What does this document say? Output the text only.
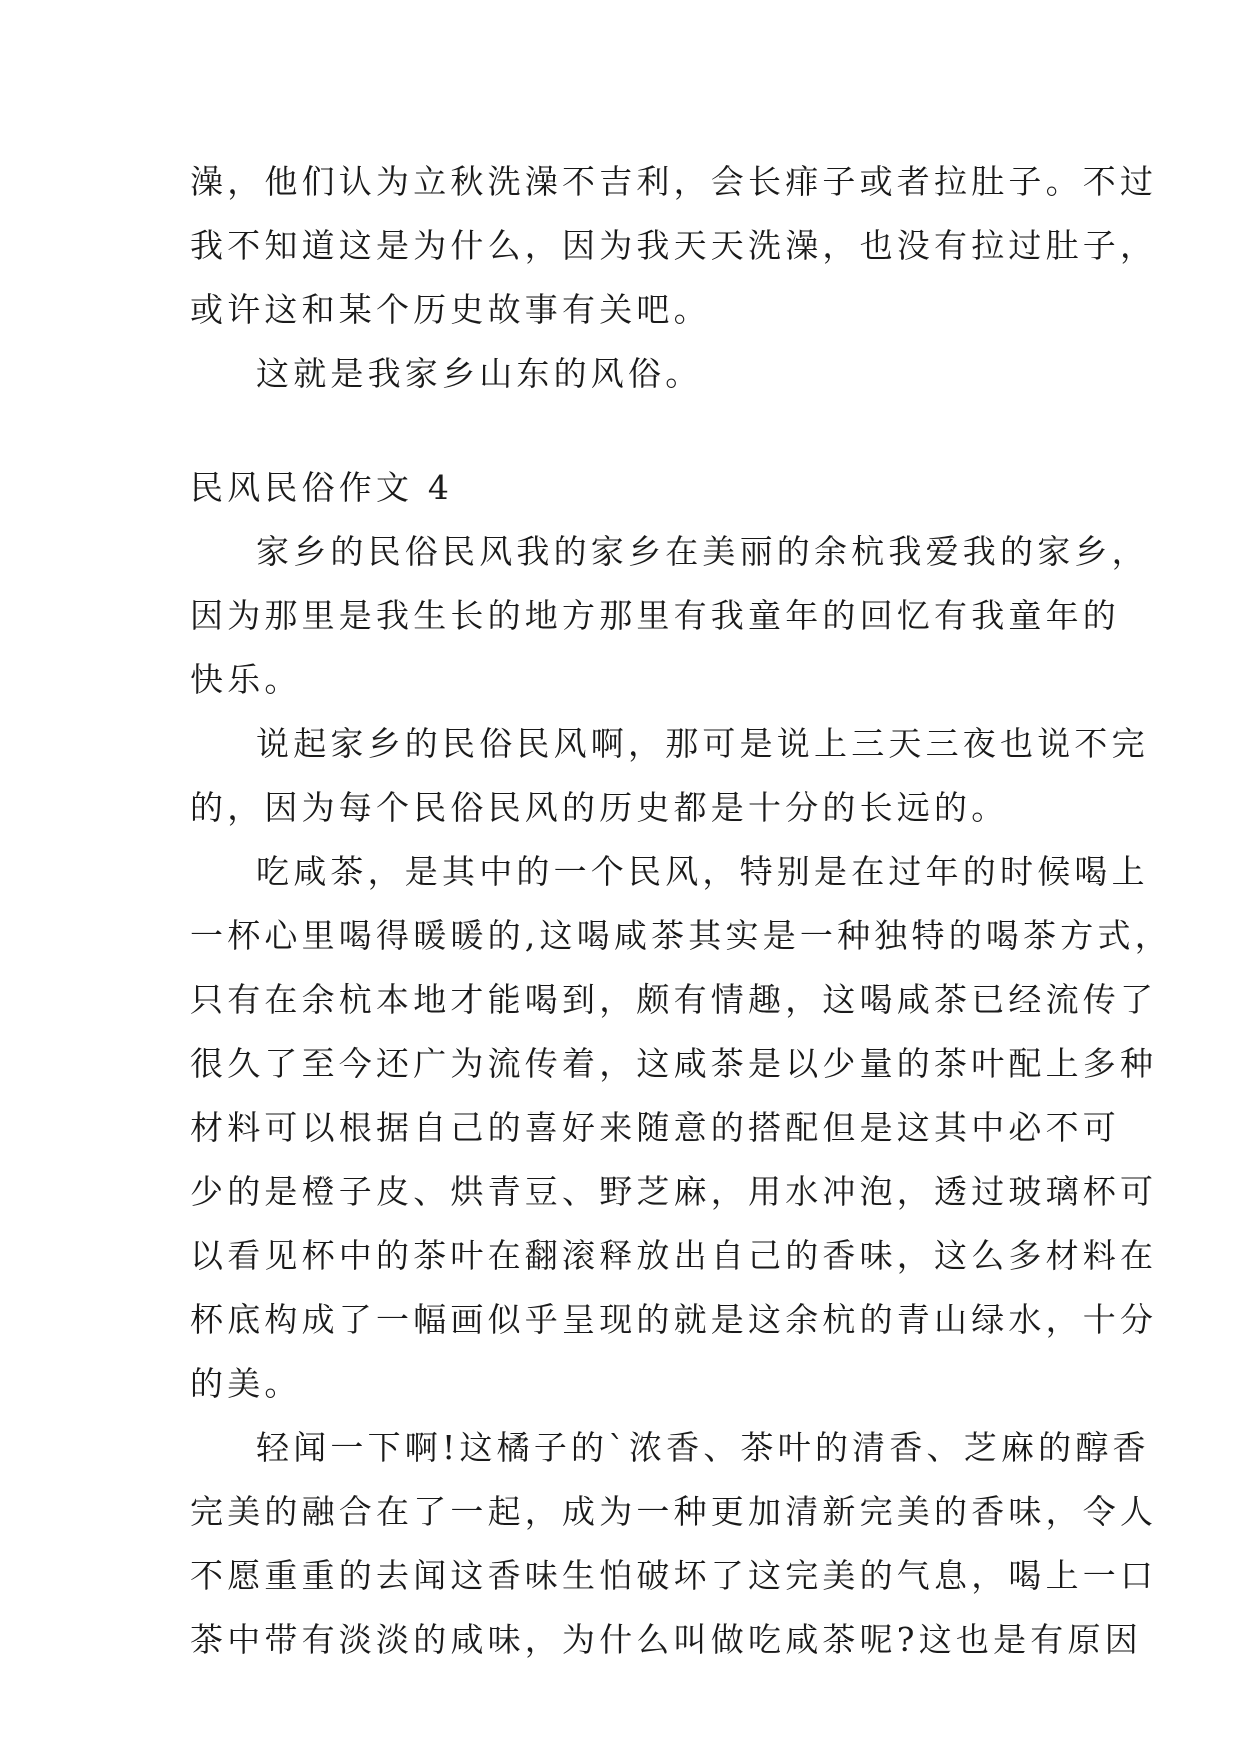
澡，他们认为立秋洗澡不吉利，会长痱子或者拉肚子。不过
我不知道这是为什么，因为我天天洗澡，也没有拉过肚子，
或许这和某个历史故事有关吧。
这就是我家乡山东的风俗。
民风民俗作文 4
家乡的民俗民风我的家乡在美丽的余杭我爱我的家乡，
因为那里是我生长的地方那里有我童年的回忆有我童年的
快乐。
说起家乡的民俗民风啊，那可是说上三天三夜也说不完
的，因为每个民俗民风的历史都是十分的长远的。
吃咸茶，是其中的一个民风，特别是在过年的时候喝上
一杯心里喝得暖暖的,这喝咸茶其实是一种独特的喝茶方式，
只有在余杭本地才能喝到，颇有情趣，这喝咸茶已经流传了
很久了至今还广为流传着，这咸茶是以少量的茶叶配上多种
材料可以根据自己的喜好来随意的搭配但是这其中必不可
少的是橙子皮、烘青豆、野芝麻，用水冲泡，透过玻璃杯可
以看见杯中的茶叶在翻滚释放出自己的香味，这么多材料在
杯底构成了一幅画似乎呈现的就是这余杭的青山绿水，十分
的美。
轻闻一下啊!这橘子的`浓香、茶叶的清香、芝麻的醇香
完美的融合在了一起，成为一种更加清新完美的香味，令人
不愿重重的去闻这香味生怕破坏了这完美的气息，喝上一口
茶中带有淡淡的咸味，为什么叫做吃咸茶呢?这也是有原因
